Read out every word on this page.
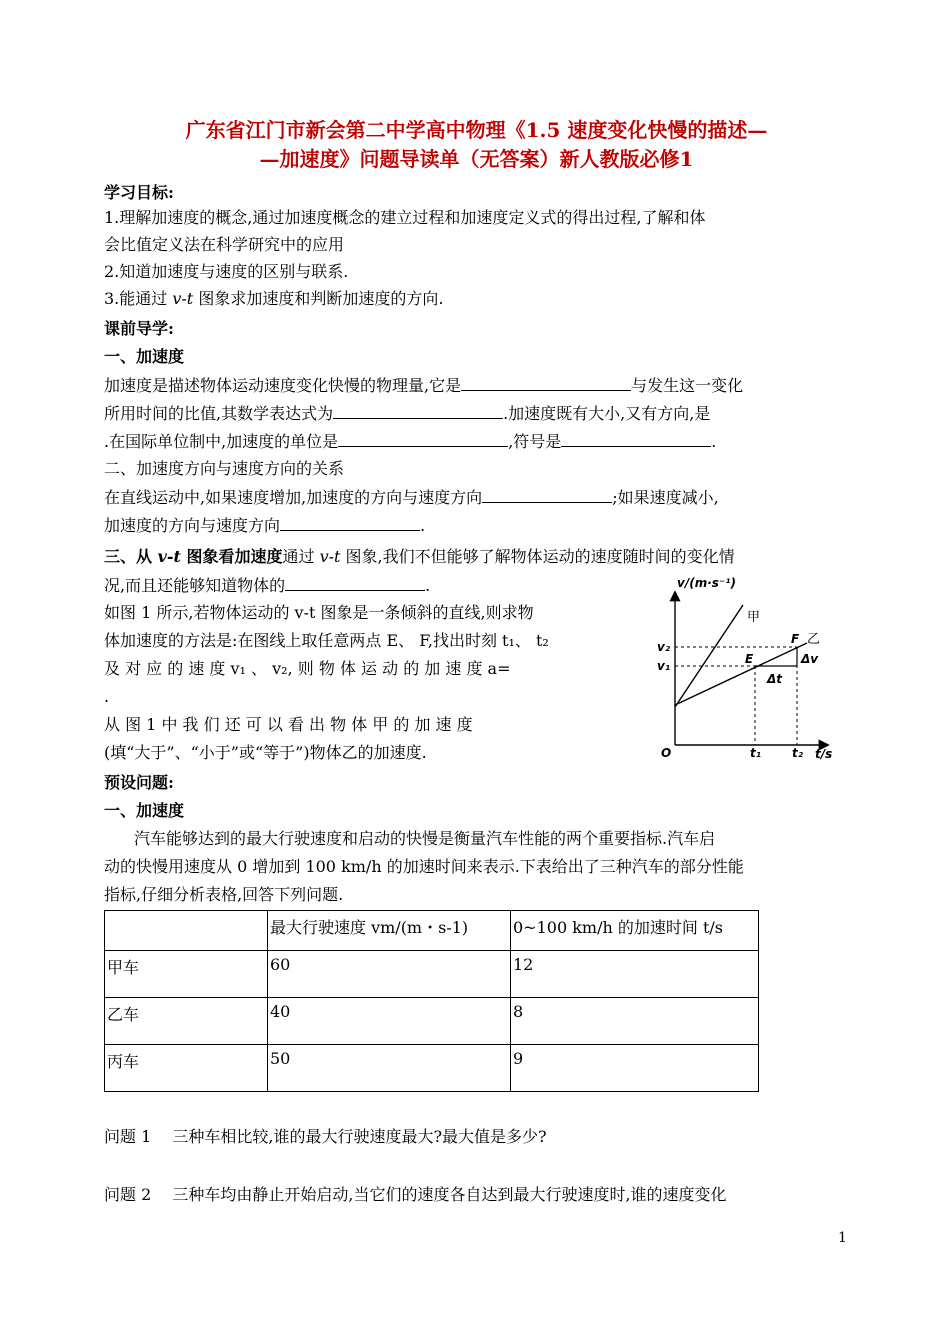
广东省江门市新会第二中学高中物理《1.5 速度变化快慢的描述—
—加速度》问题导读单（无答案）新人教版必修1
学习目标:
1.理解加速度的概念,通过加速度概念的建立过程和加速度定义式的得出过程,了解和体
会比值定义法在科学研究中的应用
2.知道加速度与速度的区别与联系.
3.能通过 v-t 图象求加速度和判断加速度的方向.
课前导学:
一、加速度
加速度是描述物体运动速度变化快慢的物理量,它是	与发生这一变化
所用时间的比值,其数学表达式为	.加速度既有大小,又有方向,是
.在国际单位制中,加速度的单位是	,符号是	.
二、加速度方向与速度方向的关系
在直线运动中,如果速度增加,加速度的方向与速度方向	;如果速度减小,
加速度的方向与速度方向	.
三、从 v-t 图象看加速度通过 v-t 图象,我们不但能够了解物体运动的速度随时间的变化情
况,而且还能够知道物体的	.
如图 1 所示,若物体运动的 v-t 图象是一条倾斜的直线,则求物
体加速度的方法是:在图线上取任意两点 E、 F,找出时刻 t₁、 t₂
及 对 应 的 速 度 v₁ 、 v₂, 则 物 体 运 动 的 加 速 度 a=
.
从 图 1 中 我 们 还 可 以 看 出 物 体 甲 的 加 速 度
(填“大于”、“小于”或“等于”)物体乙的加速度.
v/(m·s⁻¹)
t/s
O
甲
乙
E
F
v₂
v₁
t₁	t₂
Δv
Δt
预设问题:
一、加速度
汽车能够达到的最大行驶速度和启动的快慢是衡量汽车性能的两个重要指标.汽车启
动的快慢用速度从 0 增加到 100 km/h 的加速时间来表示.下表给出了三种汽车的部分性能
指标,仔细分析表格,回答下列问题.
	最大行驶速度 vm/(m・s-1)	0~100 km/h 的加速时间 t/s
甲车	60	12
乙车	40	8
丙车	50	9
问题 1　 三种车相比较,谁的最大行驶速度最大?最大值是多少?
问题 2　 三种车均由静止开始启动,当它们的速度各自达到最大行驶速度时,谁的速度变化
1
